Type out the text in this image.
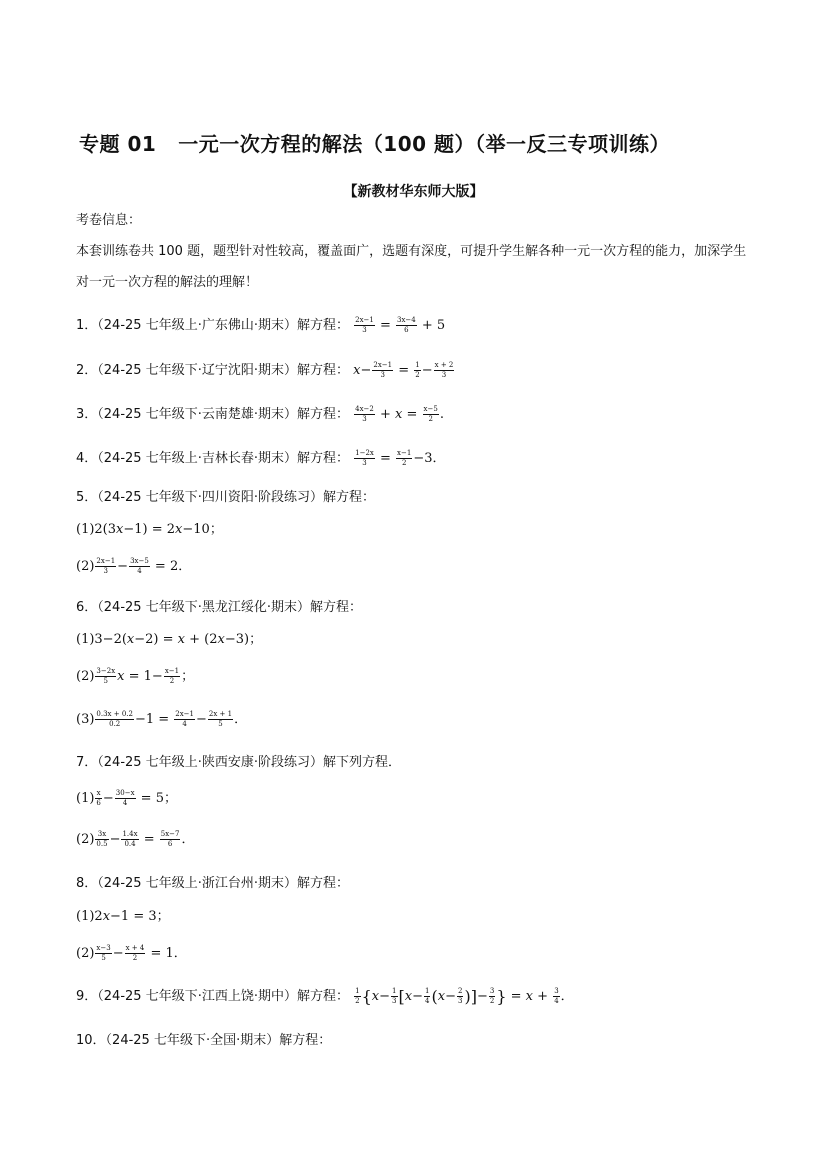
专题 01 一元一次方程的解法（100 题）（举一反三专项训练）
【新教材华东师大版】
考卷信息：
本套训练卷共 100 题，题型针对性较高，覆盖面广，选题有深度，可提升学生解各种一元一次方程的能力，加深学生对一元一次方程的解法的理解！
1．（24-25 七年级上·广东佛山·期末）解方程： $\frac{2x-1}{3} = \frac{3x-4}{6} + 5$
2．（24-25 七年级下·辽宁沈阳·期末）解方程： $x- \frac{2x-1}{3} = \frac{1}{2} - \frac{x + 2}{3}$
3．（24-25 七年级下·云南楚雄·期末）解方程： $\frac{4x-2}{3} + x = \frac{x-5}{2}$ .
4．（24-25 七年级上·吉林长春·期末）解方程： $\frac{1-2x}{3} = \frac{x-1}{2} -3$．
5．（24-25 七年级下·四川资阳·阶段练习）解方程：
(1)2(3x−1) = 2x−10；
$(2) \frac{2x-1}{3} - \frac{3x-5}{4} = 2$．
6．（24-25 七年级下·黑龙江绥化·期末）解方程：
(1)3−2(x−2) = x + (2x−3)；
$(2) \frac{3-2x}{5}$ $x = 1- \frac{x-1}{2}$ ；
$(3) \frac{0.3x + 0.2}{0.2} -1 = \frac{2x-1}{4} - \frac{2x + 1}{5}$ ．
7．（24-25 七年级上·陕西安康·阶段练习）解下列方程．
$(1) \frac{x}{6} - \frac{30-x}{4} = 5$；
$(2) \frac{3x}{0.5} - \frac{1.4x}{0.4} = \frac{5x-7}{6}$ ．
8．（24-25 七年级上·浙江台州·期末）解方程：
(1)2x−1 = 3；
$(2) \frac{x-3}{5} - \frac{x + 4}{2} = 1$．
9．（24-25 七年级下·江西上饶·期中）解方程： $\frac{1}{2} \{x- \frac{1}{3} [x- \frac{1}{4} (x- \frac{2}{3}$ )]− $\frac{3}{2}$ } = $x + \frac{3}{4}$ ．
10．（24-25 七年级下·全国·期末）解方程：
